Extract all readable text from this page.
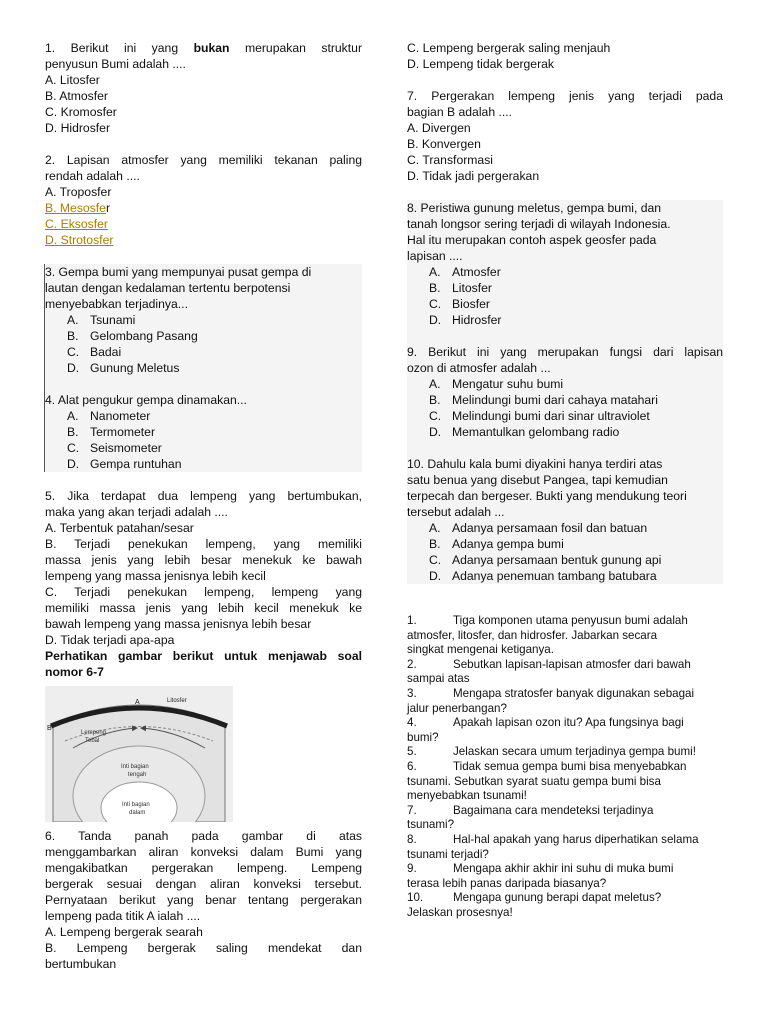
1. Berikut ini yang bukan merupakan struktur

penyusun Bumi adalah ....

A. Litosfer

B. Atmosfer

C. Kromosfer

D. Hidrosfer

2. Lapisan atmosfer yang memiliki tekanan paling

rendah adalah ....

A. Troposfer

B. Mesosfer

C. Eksosfer

D. Strotosfer

3. Gempa bumi yang mempunyai pusat gempa di

lautan dengan kedalaman tertentu berpotensi

menyebabkan terjadinya...

A. Tsunami

B. Gelombang Pasang

C. Badai

D. Gunung Meletus

4. Alat pengukur gempa dinamakan...

A. Nanometer

B. Termometer

C. Seismometer

D. Gempa runtuhan

5. Jika terdapat dua lempeng yang bertumbukan,

maka yang akan terjadi adalah ....

A. Terbentuk patahan/sesar

B. Terjadi penekukan lempeng, yang memiliki

massa jenis yang lebih besar menekuk ke bawah

lempeng yang massa jenisnya lebih kecil

C. Terjadi penekukan lempeng, lempeng yang

memiliki massa jenis yang lebih kecil menekuk ke

bawah lempeng yang massa jenisnya lebih besar

D. Tidak terjadi apa-apa

Perhatikan gambar berikut untuk menjawab soal

nomor 6-7

A
B
Litosfer
Lempeng
Tebal
Inti bagian
tengah
Inti bagian
dalam

6. Tanda panah pada gambar di atas

menggambarkan aliran konveksi dalam Bumi yang

mengakibatkan pergerakan lempeng. Lempeng

bergerak sesuai dengan aliran konveksi tersebut.

Pernyataan berikut yang benar tentang pergerakan

lempeng pada titik A ialah ....

A. Lempeng bergerak searah

B. Lempeng bergerak saling mendekat dan

bertumbukan

C. Lempeng bergerak saling menjauh

D. Lempeng tidak bergerak

7. Pergerakan lempeng jenis yang terjadi pada

bagian B adalah ....

A. Divergen

B. Konvergen

C. Transformasi

D. Tidak jadi pergerakan

8. Peristiwa gunung meletus, gempa bumi, dan

tanah longsor sering terjadi di wilayah Indonesia.

Hal itu merupakan contoh aspek geosfer pada

lapisan ....

A. Atmosfer

B. Litosfer

C. Biosfer

D. Hidrosfer

9. Berikut ini yang merupakan fungsi dari lapisan

ozon di atmosfer adalah ...

A. Mengatur suhu bumi

B. Melindungi bumi dari cahaya matahari

C. Melindungi bumi dari sinar ultraviolet

D. Memantulkan gelombang radio

10. Dahulu kala bumi diyakini hanya terdiri atas

satu benua yang disebut Pangea, tapi kemudian

terpecah dan bergeser. Bukti yang mendukung teori

tersebut adalah ...

A. Adanya persamaan fosil dan batuan

B. Adanya gempa bumi

C. Adanya persamaan bentuk gunung api

D. Adanya penemuan tambang batubara

1.	Tiga komponen utama penyusun bumi adalah
atmosfer, litosfer, dan hidrosfer. Jabarkan secara
singkat mengenai ketiganya.
2.	Sebutkan lapisan-lapisan atmosfer dari bawah
sampai atas
3.	Mengapa stratosfer banyak digunakan sebagai
jalur penerbangan?
4.	Apakah lapisan ozon itu? Apa fungsinya bagi
bumi?
5.	Jelaskan secara umum terjadinya gempa bumi!
6.	Tidak semua gempa bumi bisa menyebabkan
tsunami. Sebutkan syarat suatu gempa bumi bisa
menyebabkan tsunami!
7.	Bagaimana cara mendeteksi terjadinya
tsunami?
8.	Hal-hal apakah yang harus diperhatikan selama
tsunami terjadi?
9.	Mengapa akhir akhir ini suhu di muka bumi
terasa lebih panas daripada biasanya?
10.	Mengapa gunung berapi dapat meletus?
Jelaskan prosesnya!
